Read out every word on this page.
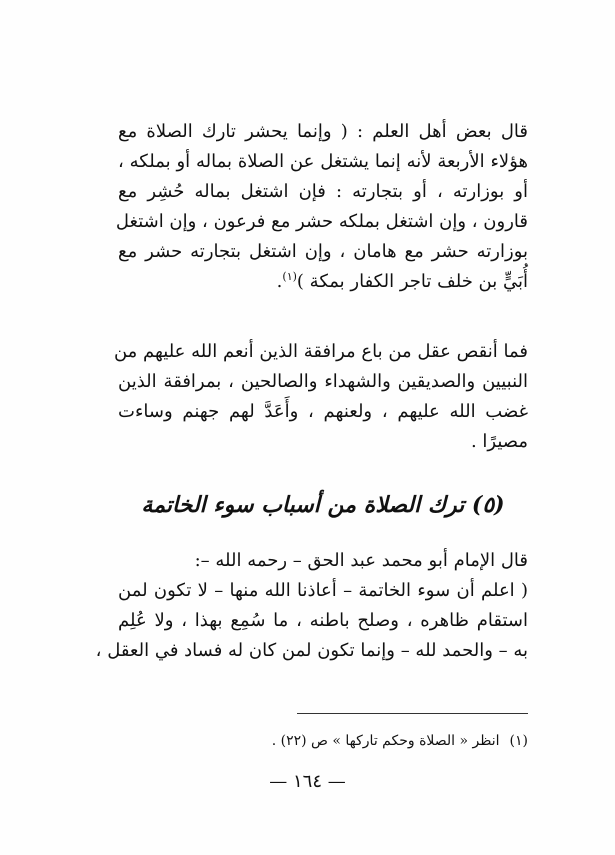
قال بعض أهل العلم : ( وإنما يحشر تارك الصلاة مع
هؤلاء الأربعة لأنه إنما يشتغل عن الصلاة بماله أو بملكه ،
أو بوزارته ، أو بتجارته : فإن اشتغل بماله حُشِر مع
قارون ، وإن اشتغل بملكه حشر مع فرعون ، وإن اشتغل
بوزارته حشر مع هامان ، وإن اشتغل بتجارته حشر مع
أُبَيٍّ بن خلف تاجر الكفار بمكة )$^{(١)}$.
فما أنقص عقل من باع مرافقة الذين أنعم الله عليهم من
النبيين والصديقين والشهداء والصالحين ، بمرافقة الذين
غضب الله عليهم ، ولعنهم ، وأَعَدَّ لهم جهنم وساءت
مصيرًا .
(٥) ترك الصلاة من أسباب سوء الخاتمة
قال الإمام أبو محمد عبد الحق – رحمه الله –:
( اعلم أن سوء الخاتمة – أعاذنا الله منها – لا تكون لمن
استقام ظاهره ، وصلح باطنه ، ما سُمِع بهذا ، ولا عُلِم
به – والحمد لله – وإنما تكون لمن كان له فساد في العقل ،
(١)انظر « الصلاة وحكم تاركها » ص (٢٢) .
— ١٦٤ —
